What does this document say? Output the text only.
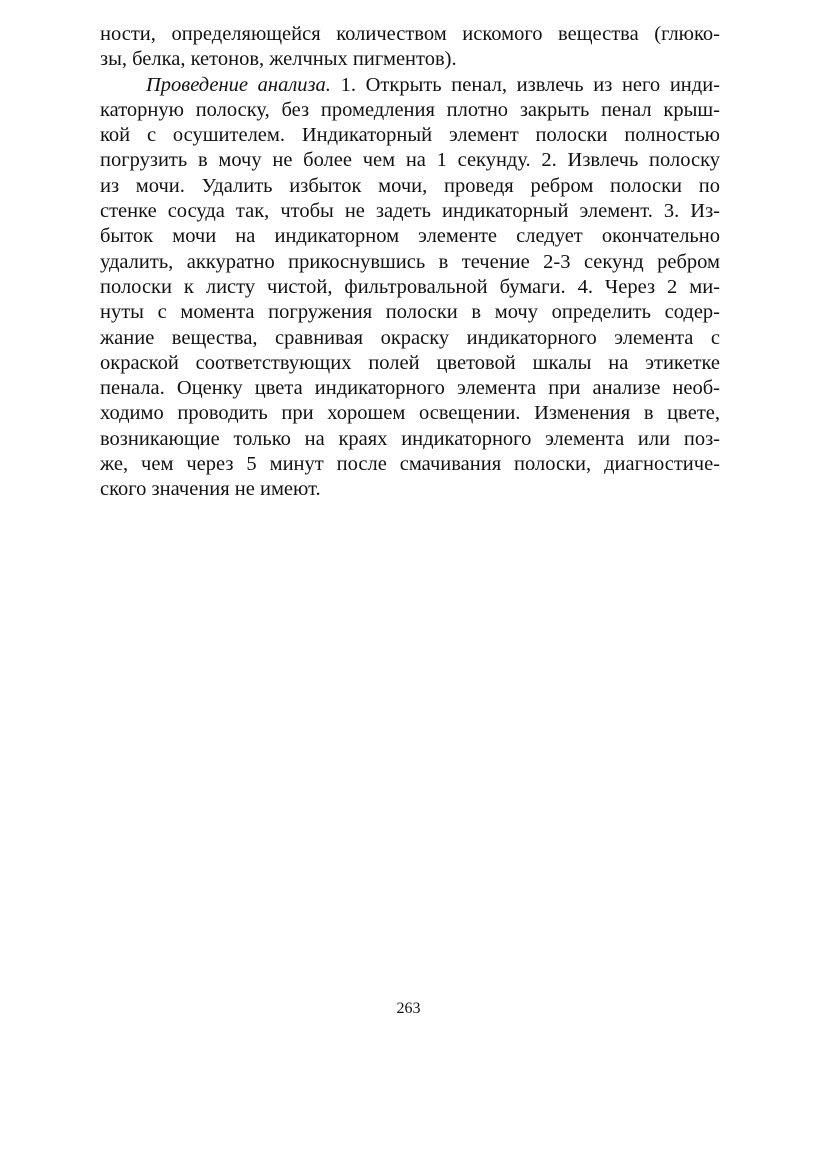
ности, определяющейся количеством искомого вещества (глюко-
зы, белка, кетонов, желчных пигментов).
Проведение анализа. 1. Открыть пенал, извлечь из него инди-
каторную полоску, без промедления плотно закрыть пенал крыш-
кой с осушителем. Индикаторный элемент полоски полностью
погрузить в мочу не более чем на 1 секунду. 2. Извлечь полоску
из мочи. Удалить избыток мочи, проведя ребром полоски по
стенке сосуда так, чтобы не задеть индикаторный элемент. 3. Из-
быток мочи на индикаторном элементе следует окончательно
удалить, аккуратно прикоснувшись в течение 2-3 секунд ребром
полоски к листу чистой, фильтровальной бумаги. 4. Через 2 ми-
нуты с момента погружения полоски в мочу определить содер-
жание вещества, сравнивая окраску индикаторного элемента с
окраской соответствующих полей цветовой шкалы на этикетке
пенала. Оценку цвета индикаторного элемента при анализе необ-
ходимо проводить при хорошем освещении. Изменения в цвете,
возникающие только на краях индикаторного элемента или поз-
же, чем через 5 минут после смачивания полоски, диагностиче-
ского значения не имеют.
263
